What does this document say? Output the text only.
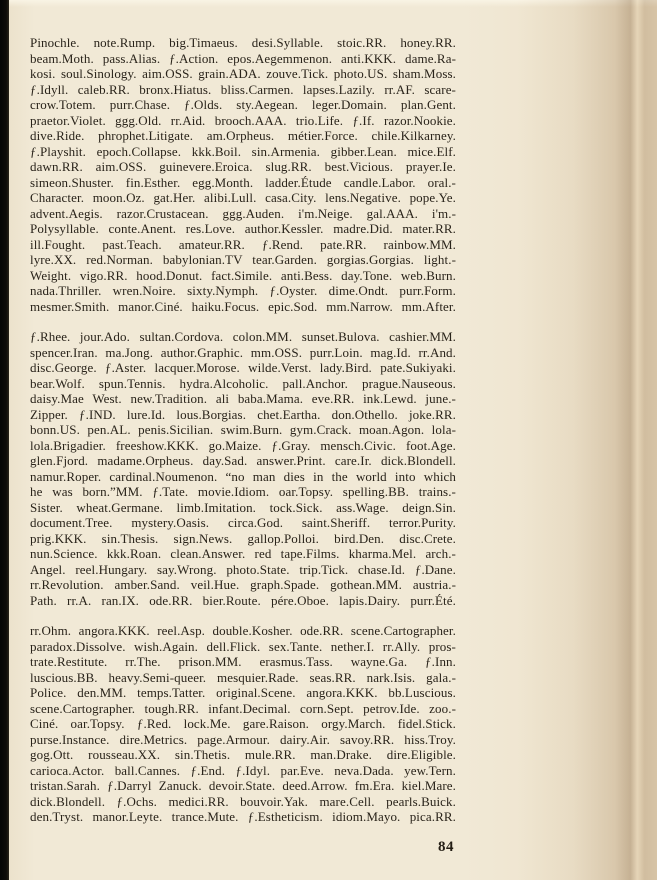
Pinochle. note.Rump. big.Timaeus. desi.Syllable. stoic.RR. honey.RR.
beam.Moth. pass.Alias. ƒ.Action. epos.Aegemmenon. anti.KKK. dame.Ra-
kosi. soul.Sinology. aim.OSS. grain.ADA. zouve.Tick. photo.US. sham.Moss.
ƒ.Idyll. caleb.RR. bronx.Hiatus. bliss.Carmen. lapses.Lazily. rr.AF. scare-
crow.Totem. purr.Chase. ƒ.Olds. sty.Aegean. leger.Domain. plan.Gent.
praetor.Violet. ggg.Old. rr.Aid. brooch.AAA. trio.Life. ƒ.If. razor.Nookie.
dive.Ride. phrophet.Litigate. am.Orpheus. métier.Force. chile.Kilkarney.
ƒ.Playshit. epoch.Collapse. kkk.Boil. sin.Armenia. gibber.Lean. mice.Elf.
dawn.RR. aim.OSS. guinevere.Eroica. slug.RR. best.Vicious. prayer.Ie.
simeon.Shuster. fin.Esther. egg.Month. ladder.Étude candle.Labor. oral.-
Character. moon.Oz. gat.Her. alibi.Lull. casa.City. lens.Negative. pope.Ye.
advent.Aegis. razor.Crustacean. ggg.Auden. i'm.Neige. gal.AAA. i'm.-
Polysyllable. conte.Anent. res.Love. author.Kessler. madre.Did. mater.RR.
ill.Fought. past.Teach. amateur.RR. ƒ.Rend. pate.RR. rainbow.MM.
lyre.XX. red.Norman. babylonian.TV tear.Garden. gorgias.Gorgias. light.-
Weight. vigo.RR. hood.Donut. fact.Simile. anti.Bess. day.Tone. web.Burn.
nada.Thriller. wren.Noire. sixty.Nymph. ƒ.Oyster. dime.Ondt. purr.Form.
mesmer.Smith. manor.Ciné. haiku.Focus. epic.Sod. mm.Narrow. mm.After.
ƒ.Rhee. jour.Ado. sultan.Cordova. colon.MM. sunset.Bulova. cashier.MM.
spencer.Iran. ma.Jong. author.Graphic. mm.OSS. purr.Loin. mag.Id. rr.And.
disc.George. ƒ.Aster. lacquer.Morose. wilde.Verst. lady.Bird. pate.Sukiyaki.
bear.Wolf. spun.Tennis. hydra.Alcoholic. pall.Anchor. prague.Nauseous.
daisy.Mae West. new.Tradition. ali baba.Mama. eve.RR. ink.Lewd. june.-
Zipper. ƒ.IND. lure.Id. lous.Borgias. chet.Eartha. don.Othello. joke.RR.
bonn.US. pen.AL. penis.Sicilian. swim.Burn. gym.Crack. moan.Agon. lola-
lola.Brigadier. freeshow.KKK. go.Maize. ƒ.Gray. mensch.Civic. foot.Age.
glen.Fjord. madame.Orpheus. day.Sad. answer.Print. care.Ir. dick.Blondell.
namur.Roper. cardinal.Noumenon. “no man dies in the world into which
he was born.”MM. ƒ.Tate. movie.Idiom. oar.Topsy. spelling.BB. trains.-
Sister. wheat.Germane. limb.Imitation. tock.Sick. ass.Wage. deign.Sin.
document.Tree. mystery.Oasis. circa.God. saint.Sheriff. terror.Purity.
prig.KKK. sin.Thesis. sign.News. gallop.Polloi. bird.Den. disc.Crete.
nun.Science. kkk.Roan. clean.Answer. red tape.Films. kharma.Mel. arch.-
Angel. reel.Hungary. say.Wrong. photo.State. trip.Tick. chase.Id. ƒ.Dane.
rr.Revolution. amber.Sand. veil.Hue. graph.Spade. gothean.MM. austria.-
Path. rr.A. ran.IX. ode.RR. bier.Route. pére.Oboe. lapis.Dairy. purr.Été.
rr.Ohm. angora.KKK. reel.Asp. double.Kosher. ode.RR. scene.Cartographer.
paradox.Dissolve. wish.Again. dell.Flick. sex.Tante. nether.I. rr.Ally. pros-
trate.Restitute. rr.The. prison.MM. erasmus.Tass. wayne.Ga. ƒ.Inn.
luscious.BB. heavy.Semi-queer. mesquier.Rade. seas.RR. nark.Isis. gala.-
Police. den.MM. temps.Tatter. original.Scene. angora.KKK. bb.Luscious.
scene.Cartographer. tough.RR. infant.Decimal. corn.Sept. petrov.Ide. zoo.-
Ciné. oar.Topsy. ƒ.Red. lock.Me. gare.Raison. orgy.March. fidel.Stick.
purse.Instance. dire.Metrics. page.Armour. dairy.Air. savoy.RR. hiss.Troy.
gog.Ott. rousseau.XX. sin.Thetis. mule.RR. man.Drake. dire.Eligible.
carioca.Actor. ball.Cannes. ƒ.End. ƒ.Idyl. par.Eve. neva.Dada. yew.Tern.
tristan.Sarah. ƒ.Darryl Zanuck. devoir.State. deed.Arrow. fm.Era. kiel.Mare.
dick.Blondell. ƒ.Ochs. medici.RR. bouvoir.Yak. mare.Cell. pearls.Buick.
den.Tryst. manor.Leyte. trance.Mute. ƒ.Estheticism. idiom.Mayo. pica.RR.
84
